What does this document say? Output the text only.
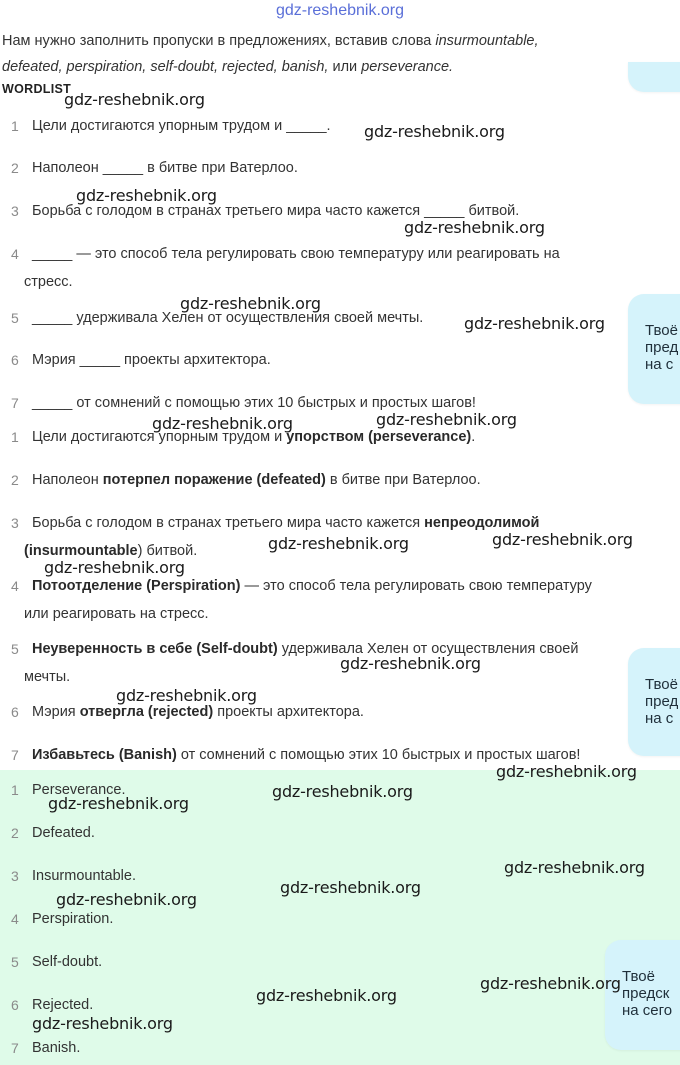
gdz-reshebnik.org
Нам нужно заполнить пропуски в предложениях, вставив слова insurmountable,
defeated, perspiration, self-doubt, rejected, banish, или perseverance.
WORDLIST
1 Цели достигаются упорным трудом и _____.
2 Наполеон _____ в битве при Ватерлоо.
3 Борьба с голодом в странах третьего мира часто кажется _____ битвой.
4 _____ — это способ тела регулировать свою температуру или реагировать на
стресс.
5 _____ удерживала Хелен от осуществления своей мечты.
6 Мэрия _____ проекты архитектора.
7 _____ от сомнений с помощью этих 10 быстрых и простых шагов!
1 Цели достигаются упорным трудом и упорством (perseverance).
2 Наполеон потерпел поражение (defeated) в битве при Ватерлоо.
3 Борьба с голодом в странах третьего мира часто кажется непреодолимой
(insurmountable) битвой.
4 Потоотделение (Perspiration) — это способ тела регулировать свою температуру
или реагировать на стресс.
5 Неуверенность в себе (Self-doubt) удерживала Хелен от осуществления своей
мечты.
6 Мэрия отвергла (rejected) проекты архитектора.
7 Избавьтесь (Banish) от сомнений с помощью этих 10 быстрых и простых шагов!
1 Perseverance.
2 Defeated.
3 Insurmountable.
4 Perspiration.
5 Self-doubt.
6 Rejected.
7 Banish.
Твоё
пред
на с
Твоё
пред
на с
Твоё
предск
на сего
gdz-reshebnik.org
gdz-reshebnik.org
gdz-reshebnik.org
gdz-reshebnik.org
gdz-reshebnik.org
gdz-reshebnik.org
gdz-reshebnik.org	gdz-reshebnik.org
gdz-reshebnik.org	gdz-reshebnik.org
gdz-reshebnik.org
gdz-reshebnik.org
gdz-reshebnik.org
gdz-reshebnik.org
gdz-reshebnik.org
gdz-reshebnik.org
gdz-reshebnik.org
gdz-reshebnik.org
gdz-reshebnik.org
gdz-reshebnik.org
gdz-reshebnik.org
gdz-reshebnik.org
